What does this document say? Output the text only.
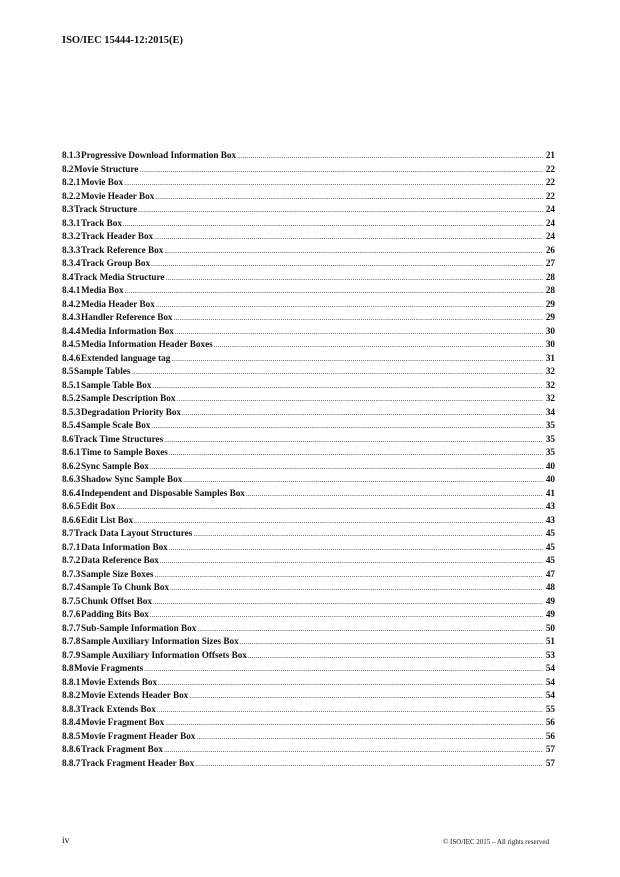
ISO/IEC 15444-12:2015(E)
8.1.3 Progressive Download Information Box .....	21
8.2 Movie Structure .....	22
8.2.1 Movie Box .....	22
8.2.2 Movie Header Box .....	22
8.3 Track Structure .....	24
8.3.1 Track Box .....	24
8.3.2 Track Header Box .....	24
8.3.3 Track Reference Box .....	26
8.3.4 Track Group Box .....	27
8.4 Track Media Structure .....	28
8.4.1 Media Box .....	28
8.4.2 Media Header Box .....	29
8.4.3 Handler Reference Box .....	29
8.4.4 Media Information Box .....	30
8.4.5 Media Information Header Boxes .....	30
8.4.6 Extended language tag .....	31
8.5 Sample Tables .....	32
8.5.1 Sample Table Box .....	32
8.5.2 Sample Description Box .....	32
8.5.3 Degradation Priority Box .....	34
8.5.4 Sample Scale Box .....	35
8.6 Track Time Structures .....	35
8.6.1 Time to Sample Boxes .....	35
8.6.2 Sync Sample Box .....	40
8.6.3 Shadow Sync Sample Box .....	40
8.6.4 Independent and Disposable Samples Box .....	41
8.6.5 Edit Box .....	43
8.6.6 Edit List Box .....	43
8.7 Track Data Layout Structures .....	45
8.7.1 Data Information Box .....	45
8.7.2 Data Reference Box .....	45
8.7.3 Sample Size Boxes .....	47
8.7.4 Sample To Chunk Box .....	48
8.7.5 Chunk Offset Box .....	49
8.7.6 Padding Bits Box .....	49
8.7.7 Sub-Sample Information Box .....	50
8.7.8 Sample Auxiliary Information Sizes Box .....	51
8.7.9 Sample Auxiliary Information Offsets Box .....	53
8.8 Movie Fragments .....	54
8.8.1 Movie Extends Box .....	54
8.8.2 Movie Extends Header Box .....	54
8.8.3 Track Extends Box .....	55
8.8.4 Movie Fragment Box .....	56
8.8.5 Movie Fragment Header Box .....	56
8.8.6 Track Fragment Box .....	57
8.8.7 Track Fragment Header Box .....	57
iv	© ISO/IEC 2015 – All rights reserved
